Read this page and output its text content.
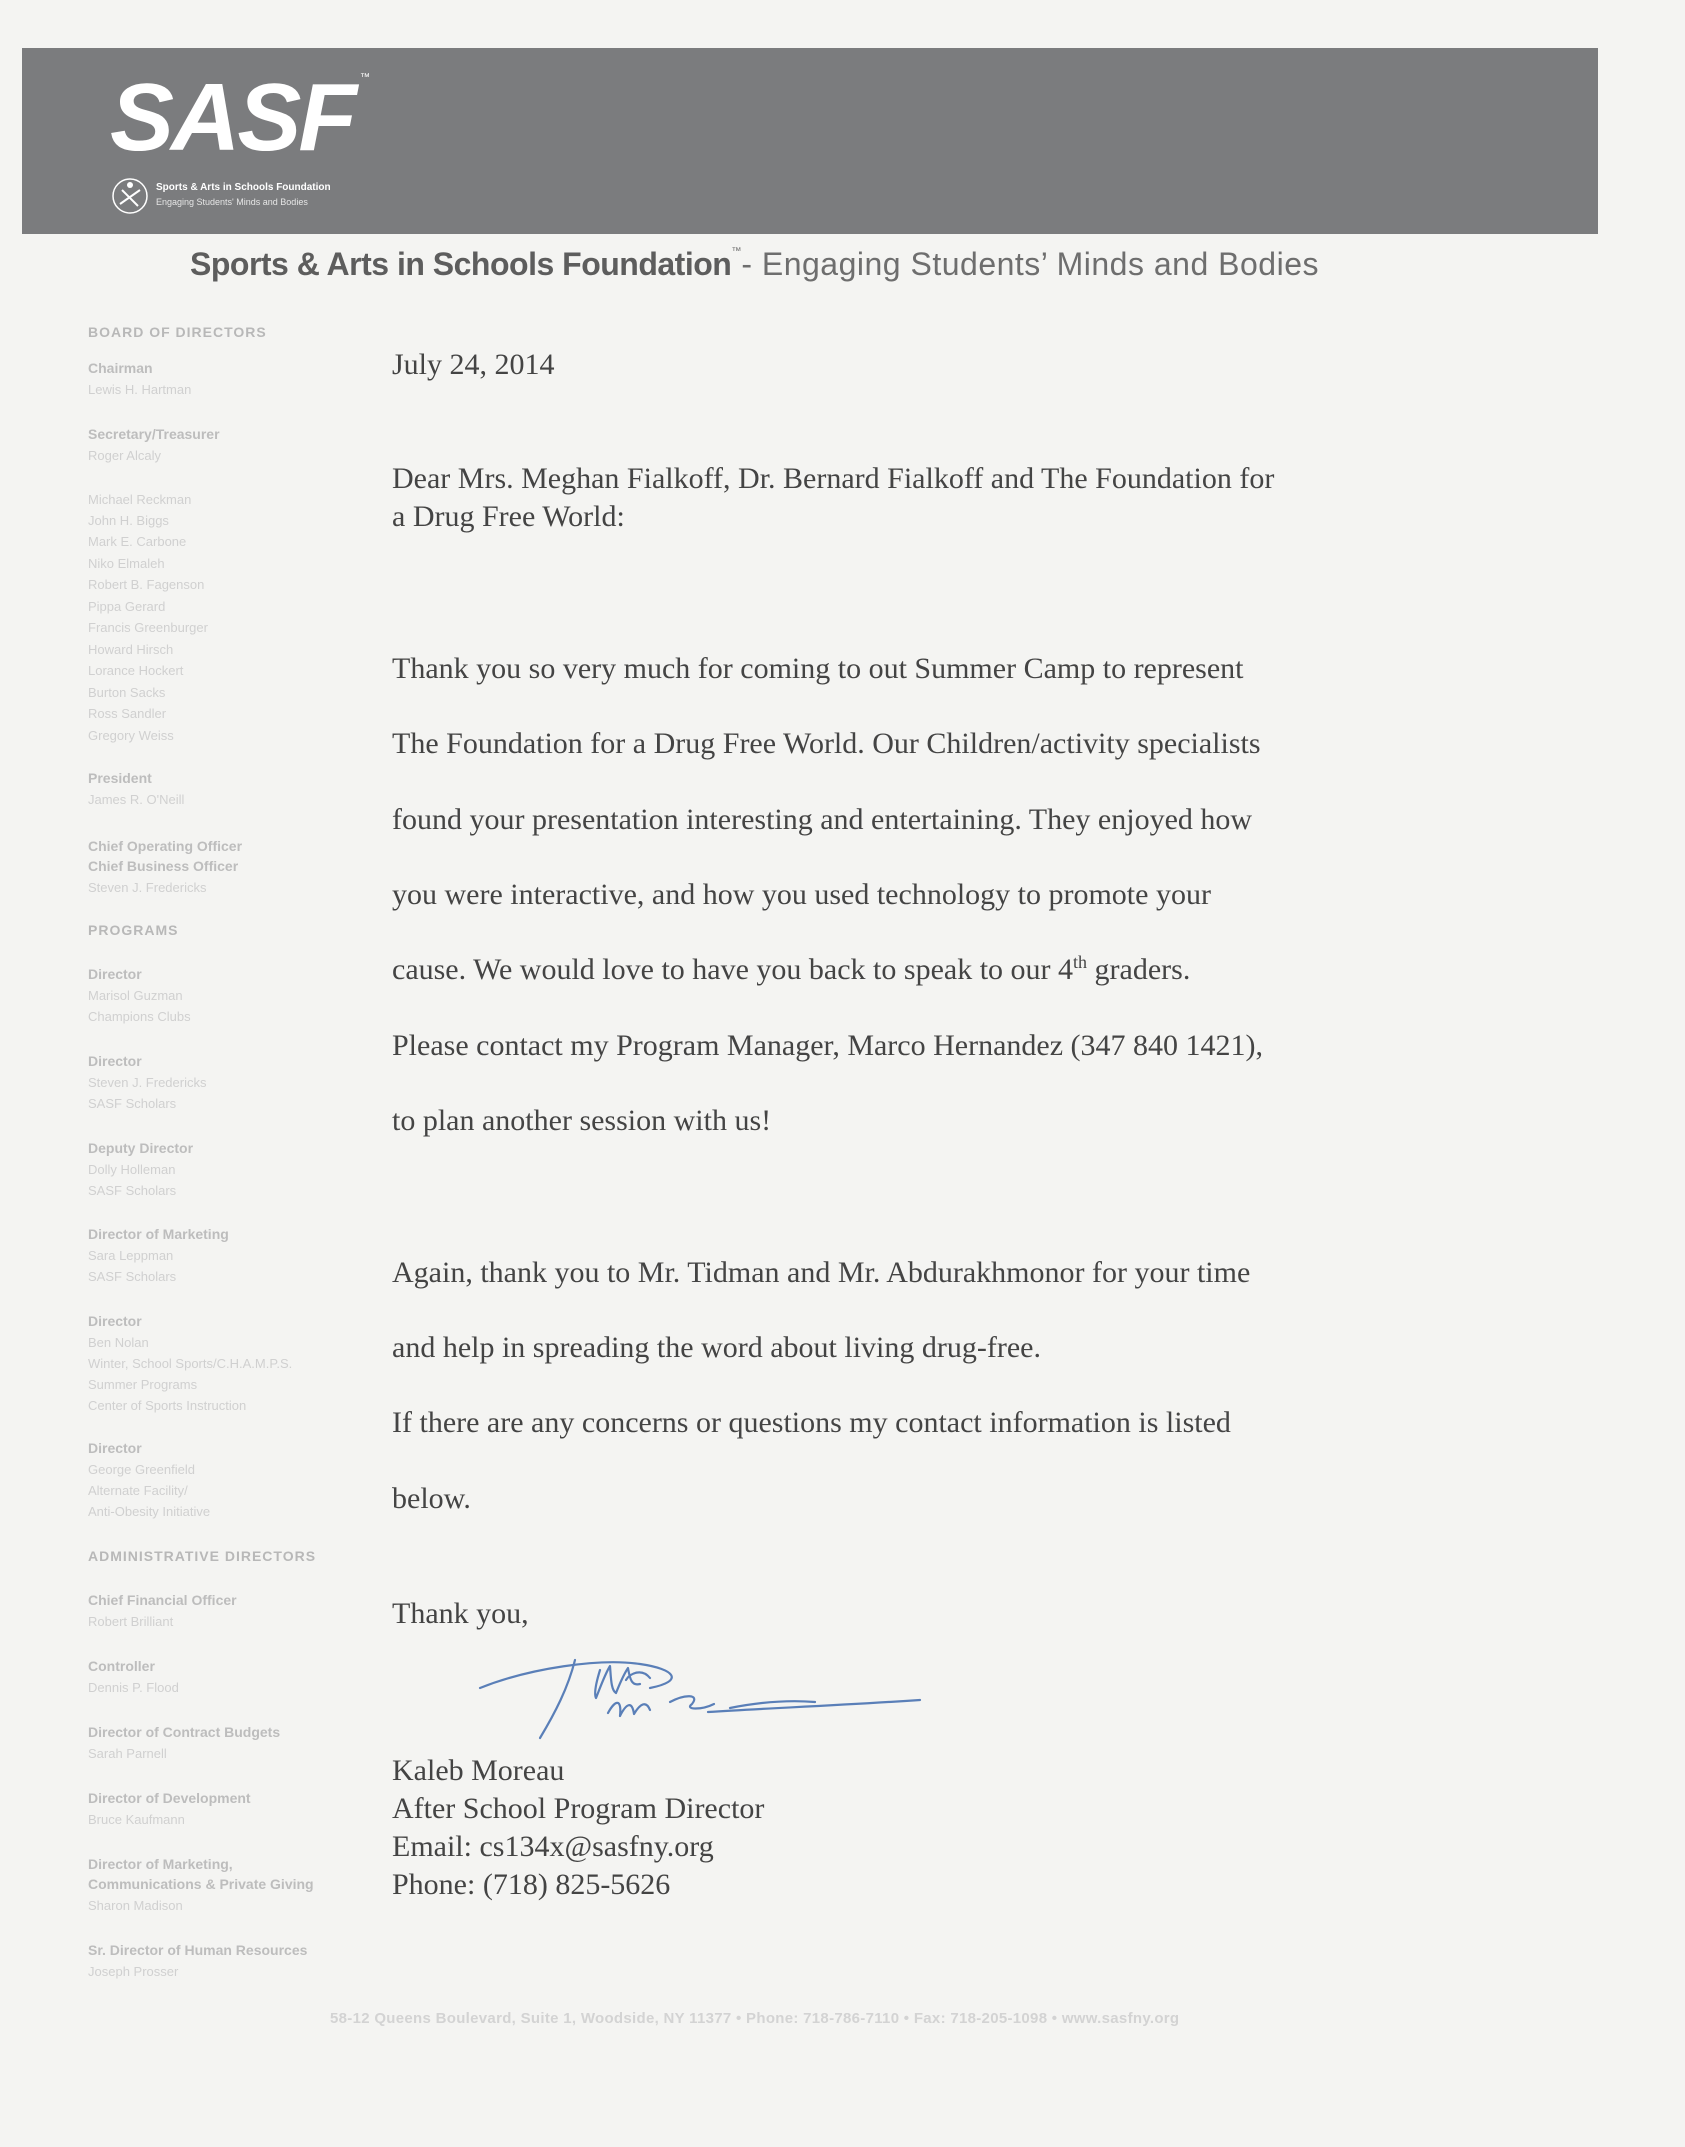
SASF ™
Sports & Arts in Schools Foundation
Engaging Students' Minds and Bodies
Sports & Arts in Schools Foundation™- Engaging Students’ Minds and Bodies
BOARD OF DIRECTORS
Chairman
Lewis H. Hartman
Secretary/Treasurer
Roger Alcaly
Michael Reckman
John H. Biggs
Mark E. Carbone
Niko Elmaleh
Robert B. Fagenson
Pippa Gerard
Francis Greenburger
Howard Hirsch
Lorance Hockert
Burton Sacks
Ross Sandler
Gregory Weiss
President
James R. O'Neill
Chief Operating Officer
Chief Business Officer
Steven J. Fredericks
PROGRAMS
Director
Marisol Guzman
Champions Clubs
Director
Steven J. Fredericks
SASF Scholars
Deputy Director
Dolly Holleman
SASF Scholars
Director of Marketing
Sara Leppman
SASF Scholars
Director
Ben Nolan
Winter, School Sports/C.H.A.M.P.S.
Summer Programs
Center of Sports Instruction
Director
George Greenfield
Alternate Facility/
Anti-Obesity Initiative
ADMINISTRATIVE DIRECTORS
Chief Financial Officer
Robert Brilliant
Controller
Dennis P. Flood
Director of Contract Budgets
Sarah Parnell
Director of Development
Bruce Kaufmann
Director of Marketing,
Communications & Private Giving
Sharon Madison
Sr. Director of Human Resources
Joseph Prosser
July 24, 2014
Dear Mrs. Meghan Fialkoff, Dr. Bernard Fialkoff and The Foundation for
a Drug Free World:
Thank you so very much for coming to out Summer Camp to represent
The Foundation for a Drug Free World. Our Children/activity specialists
found your presentation interesting and entertaining. They enjoyed how
you were interactive, and how you used technology to promote your
cause. We would love to have you back to speak to our 4th graders.
Please contact my Program Manager, Marco Hernandez (347 840 1421),
to plan another session with us!
Again, thank you to Mr. Tidman and Mr. Abdurakhmonor for your time
and help in spreading the word about living drug-free.
If there are any concerns or questions my contact information is listed
below.
Thank you,
Kaleb Moreau
After School Program Director
Email: cs134x@sasfny.org
Phone: (718) 825-5626
58-12 Queens Boulevard, Suite 1, Woodside, NY 11377 • Phone: 718-786-7110 • Fax: 718-205-1098 • www.sasfny.org
